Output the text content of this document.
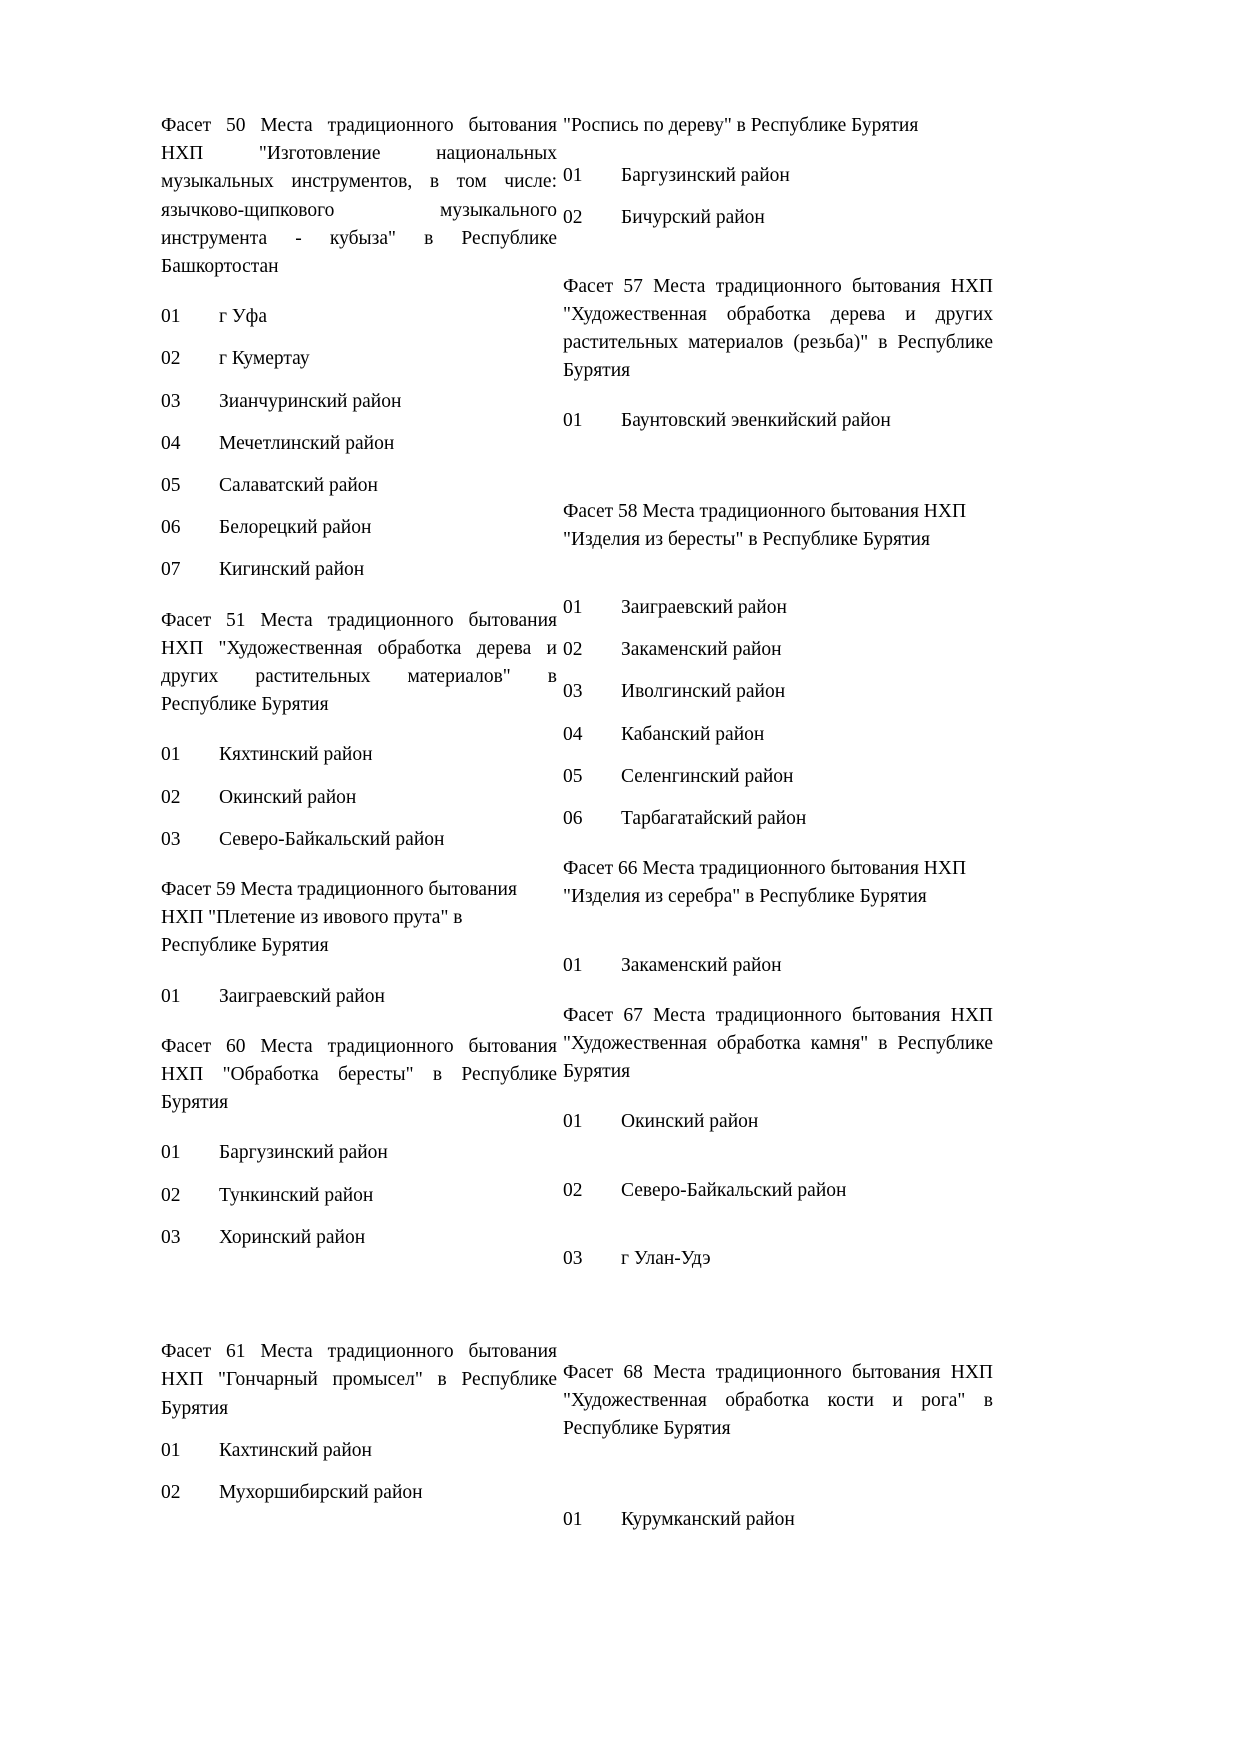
Фасет 50 Места традиционного бытования НХП "Изготовление национальных музыкальных инструментов, в том числе: язычково-щипкового музыкального инструмента - кубыза" в Республике Башкортостан

01 г Уфа

02 г Кумертау

03 Зианчуринский район

04 Мечетлинский район

05 Салаватский район

06 Белорецкий район

07 Кигинский район

Фасет 51 Места традиционного бытования НХП "Художественная обработка дерева и других растительных материалов" в Республике Бурятия

01 Кяхтинский район

02 Окинский район

03 Северо-Байкальский район

Фасет 59 Места традиционного бытования НХП "Плетение из ивового прута" в Республике Бурятия

01 Заиграевский район

Фасет 60 Места традиционного бытования НХП "Обработка бересты" в Республике Бурятия

01 Баргузинский район

02 Тункинский район

03 Хоринский район

Фасет 61 Места традиционного бытования НХП "Гончарный промысел" в Республике Бурятия

01 Кахтинский район

02 Мухоршибирский район

"Роспись по дереву" в Республике Бурятия

01 Баргузинский район

02 Бичурский район

Фасет 57 Места традиционного бытования НХП "Художественная обработка дерева и других растительных материалов (резьба)" в Республике Бурятия

01 Баунтовский эвенкийский район

Фасет 58 Места традиционного бытования НХП "Изделия из бересты" в Республике Бурятия

01 Заиграевский район

02 Закаменский район

03 Иволгинский район

04 Кабанский район

05 Селенгинский район

06 Тарбагатайский район

Фасет 66 Места традиционного бытования НХП "Изделия из серебра" в Республике Бурятия

01 Закаменский район

Фасет 67 Места традиционного бытования НХП "Художественная обработка камня" в Республике Бурятия

01 Окинский район

02 Северо-Байкальский район

03 г Улан-Удэ

Фасет 68 Места традиционного бытования НХП "Художественная обработка кости и рога" в Республике Бурятия

01 Курумканский район
